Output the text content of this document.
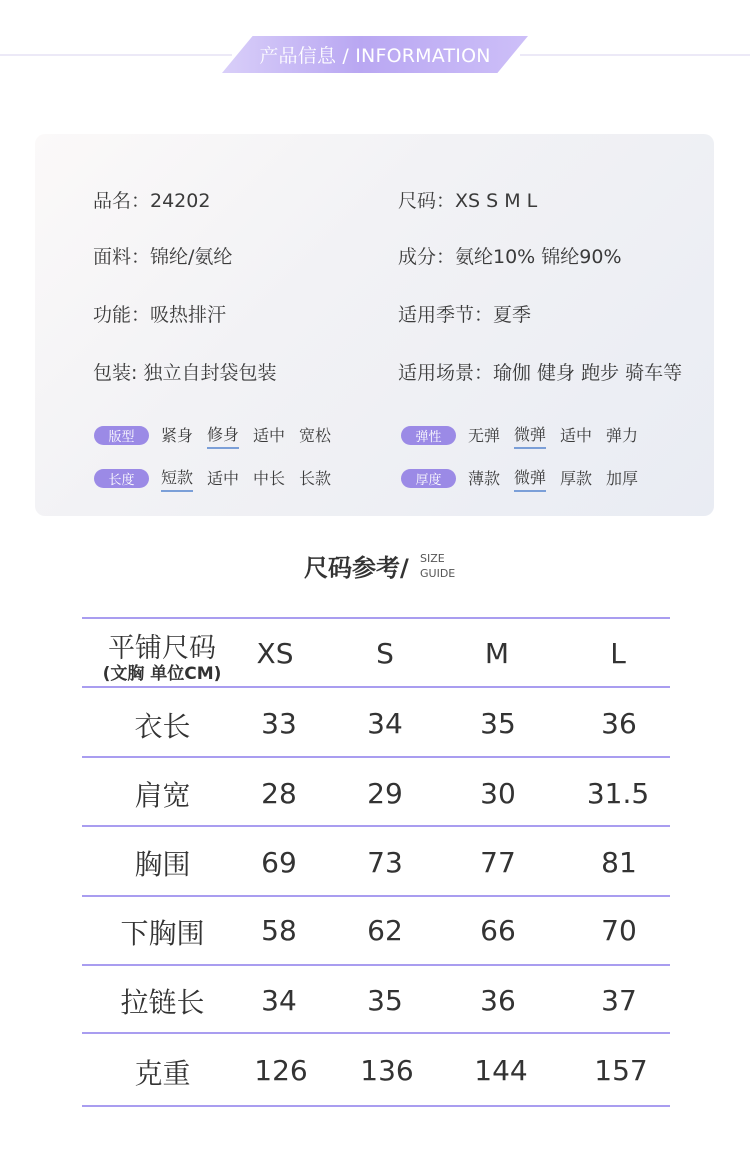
产品信息 / INFORMATION
品名：24202	尺码：XS S M L
面料：锦纶/氨纶	成分：氨纶10% 锦纶90%
功能：吸热排汗	适用季节：夏季
包装: 独立自封袋包装	适用场景：瑜伽 健身 跑步 骑车等
版型	紧身 修身 适中 宽松	弹性	无弹 微弹 适中 弹力
长度	短款 适中 中长 长款	厚度	薄款 微弹 厚款 加厚
尺码参考/ SIZE
GUIDE
平铺尺码
(文胸 单位CM)
XS	S	M	L
衣长	33	34	35	36
肩宽	28	29	30	31.5
胸围	69	73	77	81
下胸围	58	62	66	70
拉链长	34	35	36	37
克重	126	136	144	157
